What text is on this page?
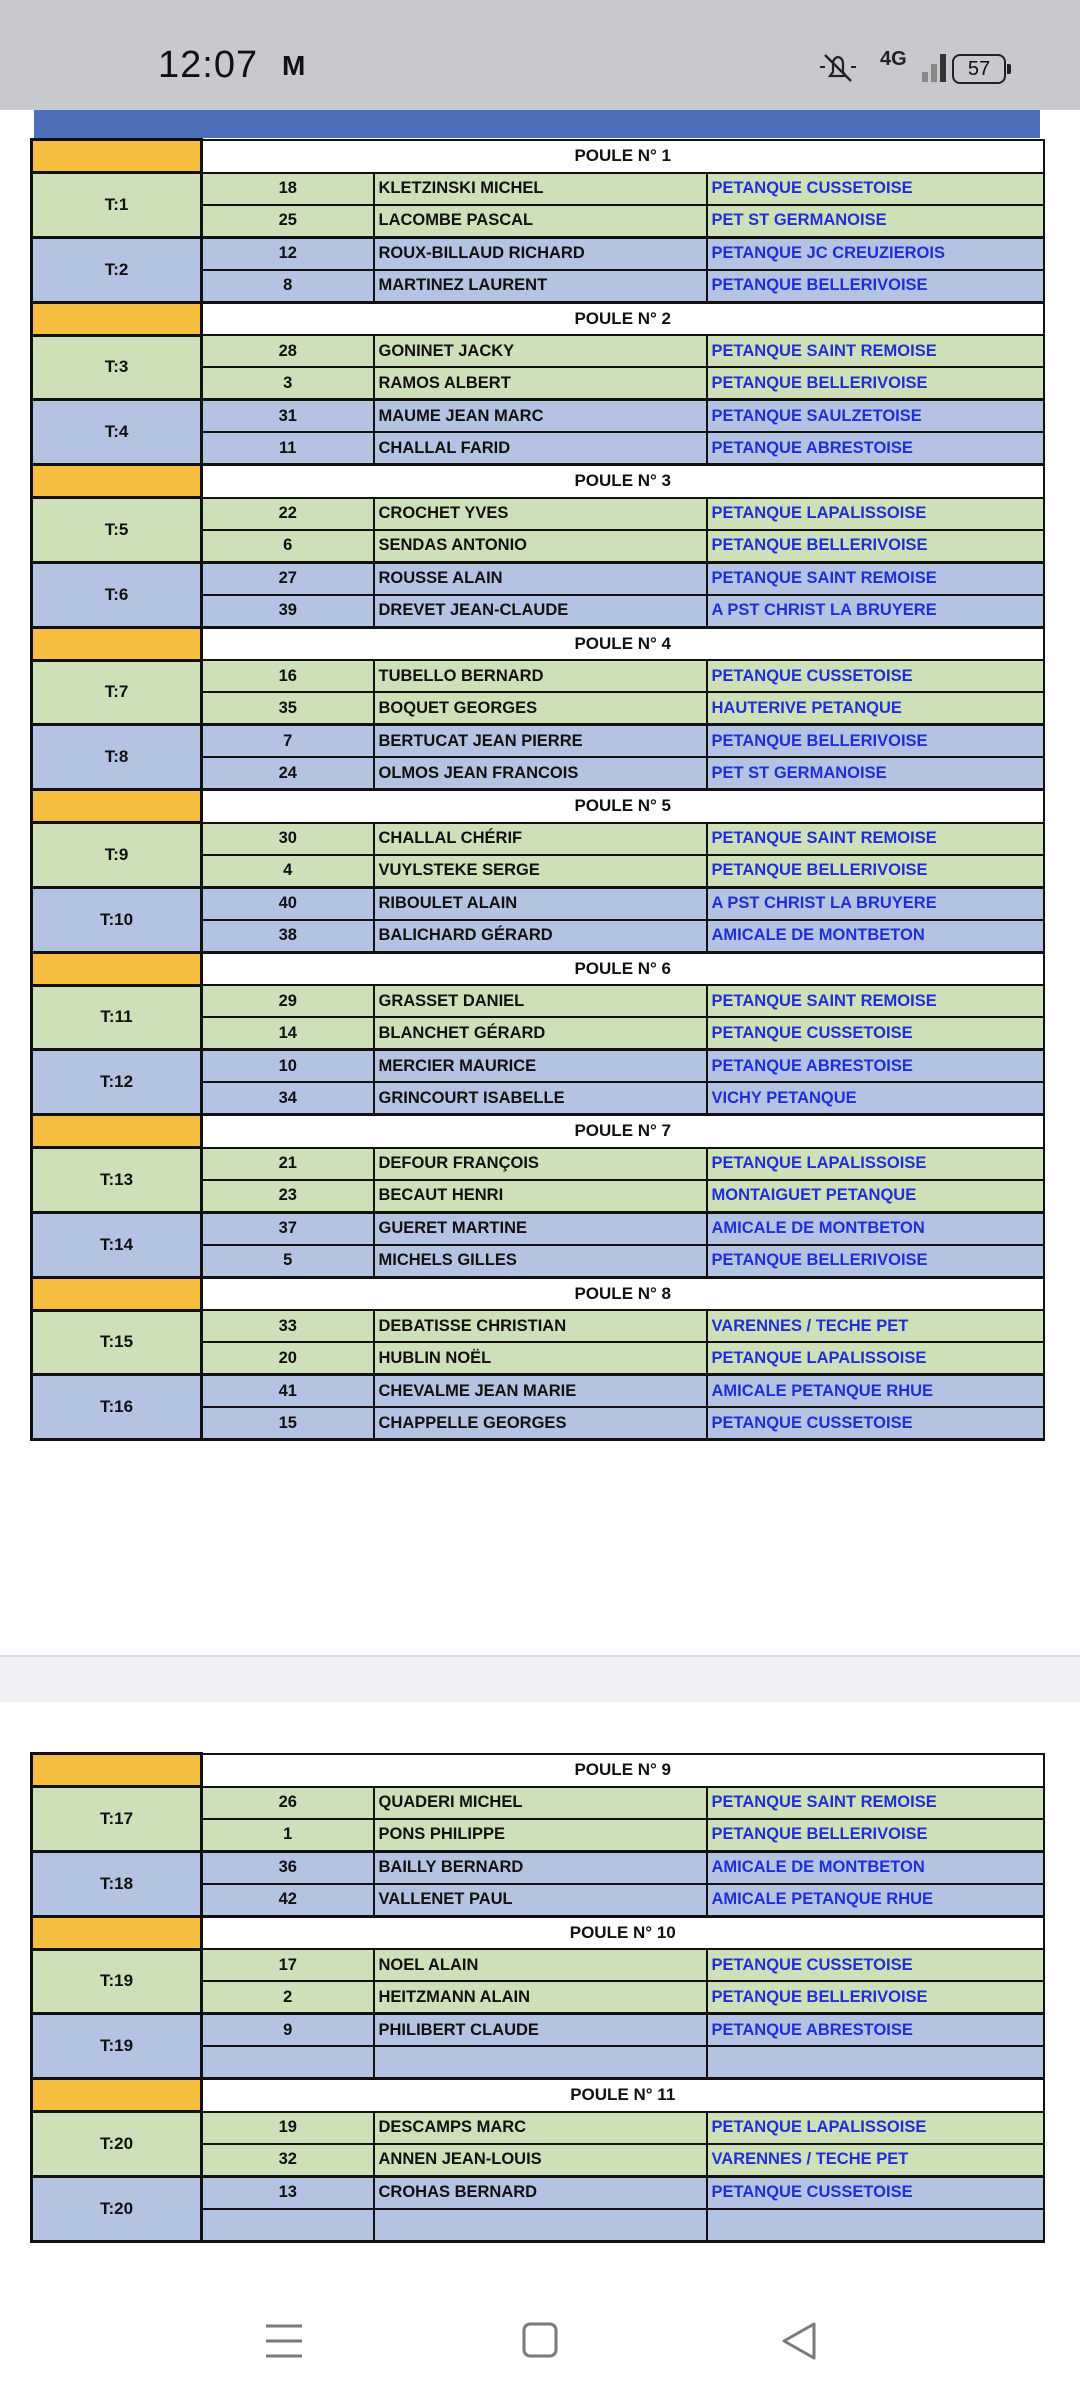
12:07 M	4G	57
	POULE N° 1		
T:1	18	KLETZINSKI MICHEL	PETANQUE CUSSETOISE
	25	LACOMBE PASCAL	PET ST GERMANOISE
T:2	12	ROUX-BILLAUD RICHARD	PETANQUE JC CREUZIEROIS
	8	MARTINEZ LAURENT	PETANQUE BELLERIVOISE
	POULE N° 2		
T:3	28	GONINET JACKY	PETANQUE SAINT REMOISE
	3	RAMOS ALBERT	PETANQUE BELLERIVOISE
T:4	31	MAUME JEAN MARC	PETANQUE SAULZETOISE
	11	CHALLAL FARID	PETANQUE ABRESTOISE
	POULE N° 3		
T:5	22	CROCHET YVES	PETANQUE LAPALISSOISE
	6	SENDAS ANTONIO	PETANQUE BELLERIVOISE
T:6	27	ROUSSE ALAIN	PETANQUE SAINT REMOISE
	39	DREVET JEAN-CLAUDE	A PST CHRIST LA BRUYERE
	POULE N° 4		
T:7	16	TUBELLO BERNARD	PETANQUE CUSSETOISE
	35	BOQUET GEORGES	HAUTERIVE PETANQUE
T:8	7	BERTUCAT JEAN PIERRE	PETANQUE BELLERIVOISE
	24	OLMOS JEAN FRANCOIS	PET ST GERMANOISE
	POULE N° 5		
T:9	30	CHALLAL CHÉRIF	PETANQUE SAINT REMOISE
	4	VUYLSTEKE SERGE	PETANQUE BELLERIVOISE
T:10	40	RIBOULET ALAIN	A PST CHRIST LA BRUYERE
	38	BALICHARD GÉRARD	AMICALE DE MONTBETON
	POULE N° 6		
T:11	29	GRASSET DANIEL	PETANQUE SAINT REMOISE
	14	BLANCHET GÉRARD	PETANQUE CUSSETOISE
T:12	10	MERCIER MAURICE	PETANQUE ABRESTOISE
	34	GRINCOURT ISABELLE	VICHY PETANQUE
	POULE N° 7		
T:13	21	DEFOUR FRANÇOIS	PETANQUE LAPALISSOISE
	23	BECAUT HENRI	MONTAIGUET PETANQUE
T:14	37	GUERET MARTINE	AMICALE DE MONTBETON
	5	MICHELS GILLES	PETANQUE BELLERIVOISE
	POULE N° 8		
T:15	33	DEBATISSE CHRISTIAN	VARENNES / TECHE PET
	20	HUBLIN NOËL	PETANQUE LAPALISSOISE
T:16	41	CHEVALME JEAN MARIE	AMICALE PETANQUE RHUE
	15	CHAPPELLE GEORGES	PETANQUE CUSSETOISE
	POULE N° 9		
T:17	26	QUADERI MICHEL	PETANQUE SAINT REMOISE
	1	PONS PHILIPPE	PETANQUE BELLERIVOISE
T:18	36	BAILLY BERNARD	AMICALE DE MONTBETON
	42	VALLENET PAUL	AMICALE PETANQUE RHUE
	POULE N° 10		
T:19	17	NOEL ALAIN	PETANQUE CUSSETOISE
	2	HEITZMANN ALAIN	PETANQUE BELLERIVOISE
T:19	9	PHILIBERT CLAUDE	PETANQUE ABRESTOISE

	POULE N° 11		
T:20	19	DESCAMPS MARC	PETANQUE LAPALISSOISE
	32	ANNEN JEAN-LOUIS	VARENNES / TECHE PET
T:20	13	CROHAS BERNARD	PETANQUE CUSSETOISE
